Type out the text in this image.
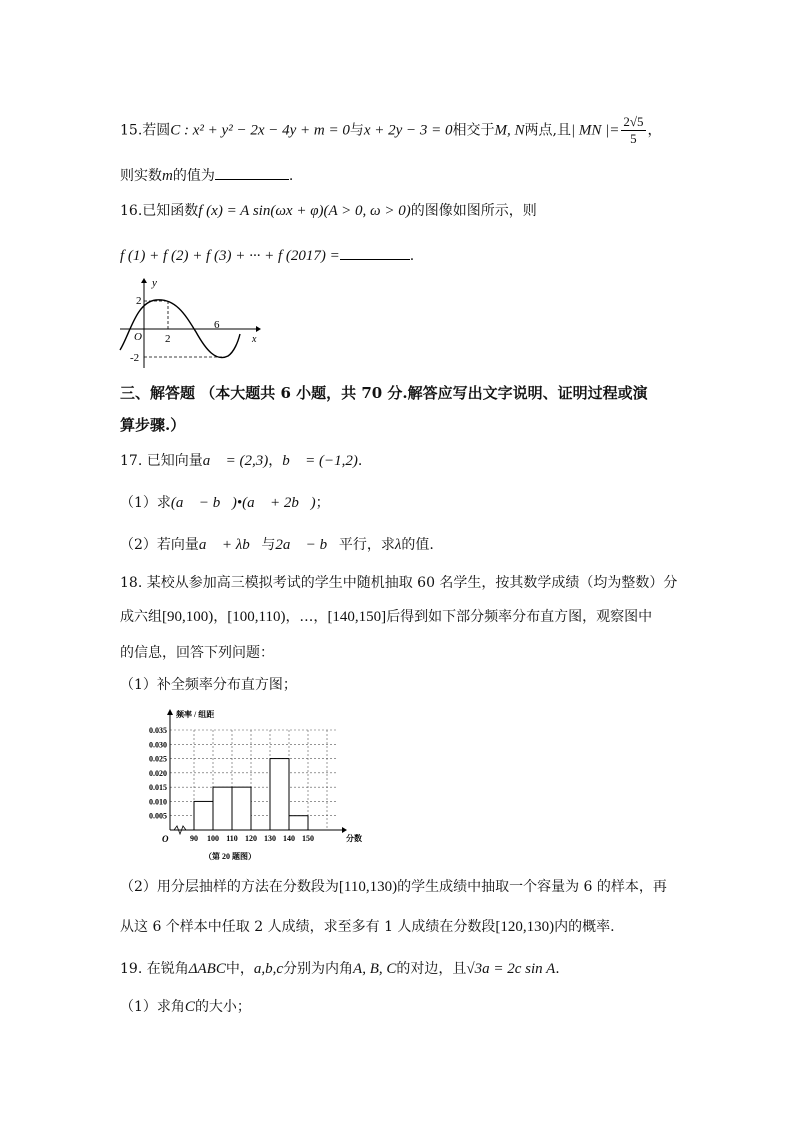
15.若圆C : x² + y² − 2x − 4y + m = 0与x + 2y − 3 = 0相交于M, N两点,且| MN |= $\frac{2√5}{5}$ ，
则实数m的值为	.
16.已知函数f (x) = A sin(ωx + φ)(A > 0, ω > 0)的图像如图所示，则
f (1) + f (2) + f (3) + ··· + f (2017) =	.
2
y
O 2
6
-2
x
三、解答题 （本大题共 6 小题，共 70 分.解答应写出文字说明、证明过程或演
算步骤.）
17. 已知向量a⃗ = (2,3)，b⃗ = (−1,2).
（1）求(a⃗ − b⃗)•(a⃗ + 2b⃗)；
（2）若向量a⃗ + λb⃗与2a⃗ − b⃗平行，求λ的值.
18. 某校从参加高三模拟考试的学生中随机抽取 60 名学生，按其数学成绩（均为整数）分
成六组[90,100)，[100,110)，…，[140,150]后得到如下部分频率分布直方图，观察图中
的信息，回答下列问题：
（1）补全频率分布直方图；
0.005
0.010
0.015
0.020
0.025
0.030
0.035
90 100 110 120 130 140 150	分数
O
频率 / 组距
（第 20 题图）
（2）用分层抽样的方法在分数段为[110,130)的学生成绩中抽取一个容量为 6 的样本，再
从这 6 个样本中任取 2 人成绩，求至多有 1 人成绩在分数段[120,130)内的概率.
19. 在锐角ΔABC中，a,b,c分别为内角A, B, C的对边，且√3a = 2c sin A.
（1）求角C的大小；
